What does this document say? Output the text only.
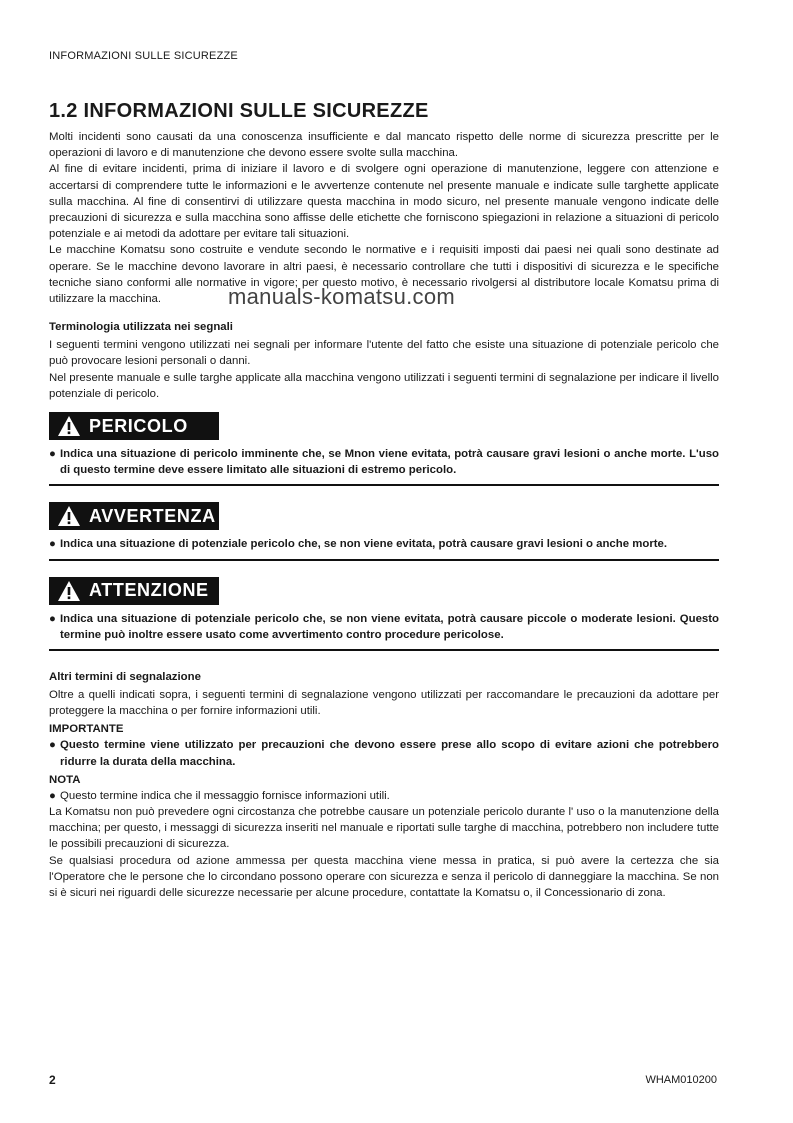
INFORMAZIONI SULLE SICUREZZE
1.2 INFORMAZIONI SULLE SICUREZZE

Molti incidenti sono causati da una conoscenza insufficiente e dal mancato rispetto delle norme di sicurezza prescritte per le operazioni di lavoro e di manutenzione che devono essere svolte sulla macchina.

Al fine di evitare incidenti, prima di iniziare il lavoro e di svolgere ogni operazione di manutenzione, leggere con attenzione e accertarsi di comprendere tutte le informazioni e le avvertenze contenute nel presente manuale e indicate sulle targhette applicate sulla macchina. Al fine di consentirvi di utilizzare questa macchina in modo sicuro, nel presente manuale vengono indicate delle precauzioni di sicurezza e sulla macchina sono affisse delle etichette che forniscono spiegazioni in relazione a situazioni di pericolo potenziale e ai metodi da adottare per evitare tali situazioni.

Le macchine Komatsu sono costruite e vendute secondo le normative e i requisiti imposti dai paesi nei quali sono destinate ad operare. Se le macchine devono lavorare in altri paesi, è necessario controllare che tutti i dispositivi di sicurezza e le specifiche tecniche siano conformi alle normative in vigore; per questo motivo, è necessario rivolgersi al distributore locale Komatsu prima di utilizzare la macchina.

Terminologia utilizzata nei segnali

I seguenti termini vengono utilizzati nei segnali per informare l'utente del fatto che esiste una situazione di potenziale pericolo che può provocare lesioni personali o danni.

Nel presente manuale e sulle targhe applicate alla macchina vengono utilizzati i seguenti termini di segnalazione per indicare il livello potenziale di pericolo.

PERICOLO
● Indica una situazione di pericolo imminente che, se Mnon viene evitata, potrà causare gravi lesioni o anche morte. L'uso di questo termine deve essere limitato alle situazioni di estremo pericolo.
AVVERTENZA
● Indica una situazione di potenziale pericolo che, se non viene evitata, potrà causare gravi lesioni o anche morte.
ATTENZIONE
● Indica una situazione di potenziale pericolo che, se non viene evitata, potrà causare piccole o moderate lesioni. Questo termine può inoltre essere usato come avvertimento contro procedure pericolose.
Altri termini di segnalazione

Oltre a quelli indicati sopra, i seguenti termini di segnalazione vengono utilizzati per raccomandare le precauzioni da adottare per proteggere la macchina o per fornire informazioni utili.

IMPORTANTE

● Questo termine viene utilizzato per precauzioni che devono essere prese allo scopo di evitare azioni che potrebbero ridurre la durata della macchina.

NOTA

● Questo termine indica che il messaggio fornisce informazioni utili.

La Komatsu non può prevedere ogni circostanza che potrebbe causare un potenziale pericolo durante l' uso o la manutenzione della macchina; per questo, i messaggi di sicurezza inseriti nel manuale e riportati sulle targhe di macchina, potrebbero non includere tutte le possibili precauzioni di sicurezza.

Se qualsiasi procedura od azione ammessa per questa macchina viene messa in pratica, si può avere la certezza che sia l'Operatore che le persone che lo circondano possono operare con sicurezza e senza il pericolo di danneggiare la macchina. Se non si è sicuri nei riguardi delle sicurezze necessarie per alcune procedure, contattate la Komatsu o, il Concessionario di zona.

manuals-komatsu.com
2	WHAM010200
